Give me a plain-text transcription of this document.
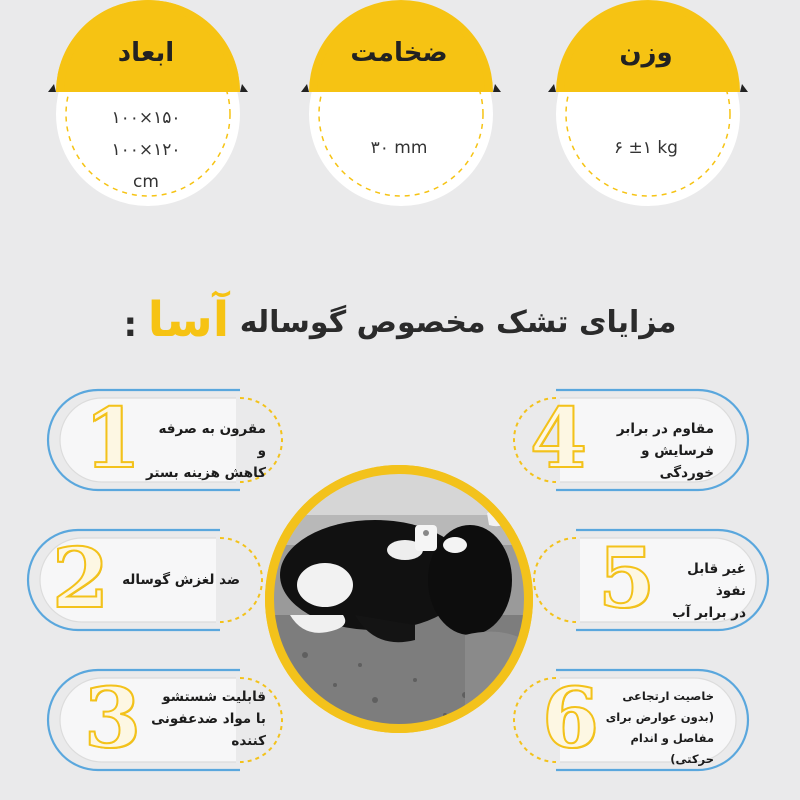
ابعاد
۱۰۰×۱۵۰
۱۰۰×۱۲۰
cm
ضخامت
۳۰ mm
وزن
۶ ±۱ kg
مزایای تشک مخصوص گوساله آسا :
1	مقرون به صرفه و
کاهش هزینه بستر
2 ضد لغزش گوساله
3	قابلیت شستشو
با مواد ضدعفونی
کننده
4	مقاوم در برابر
فرسایش و خوردگی
5	غیر قابل نفوذ
در برابر آب
6	خاصیت ارتجاعی
(بدون عوارض برای
مفاصل و اندام حرکتی)
